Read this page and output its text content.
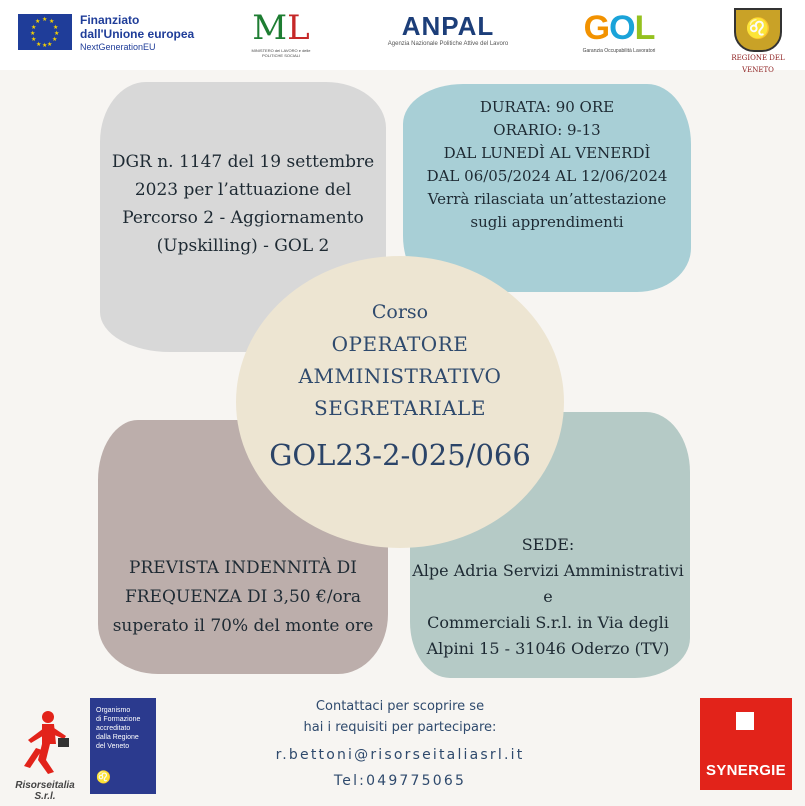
★ ★
★
★
★
★
★
★
★
★
★
★	Finanziato
dall'Unione europea
NextGenerationEU	ML
MINISTERO del LAVORO e delle POLITICHE SOCIALI
ANPAL
Agenzia Nazionale Politiche Attive del Lavoro GOL
Garanzia Occupabilità Lavoratori
♌
REGIONE DEL VENETO
DGR n. 1147 del 19 settembre
2023 per l’attuazione del
Percorso 2 - Aggiornamento
(Upskilling) - GOL 2
DURATA: 90 ORE
ORARIO: 9-13
DAL LUNEDÌ AL VENERDÌ
DAL 06/05/2024 AL 12/06/2024
Verrà rilasciata un’attestazione
sugli apprendimenti
PREVISTA INDENNITÀ DI
FREQUENZA DI 3,50 €/ora
superato il 70% del monte ore
SEDE:
Alpe Adria Servizi Amministrativi e
Commerciali S.r.l. in Via degli
Alpini 15 - 31046 Oderzo (TV)
Corso
OPERATORE
AMMINISTRATIVO
SEGRETARIALE
GOL23-2-025/066
Risorseitalia S.r.l.
Organismo
di Formazione
accreditato
dalla Regione
del Veneto
♌
Contattaci per scoprire se
hai i requisiti per partecipare:
r.bettoni@risorseitaliasrl.it
Tel:049775065
SYNERGIE
